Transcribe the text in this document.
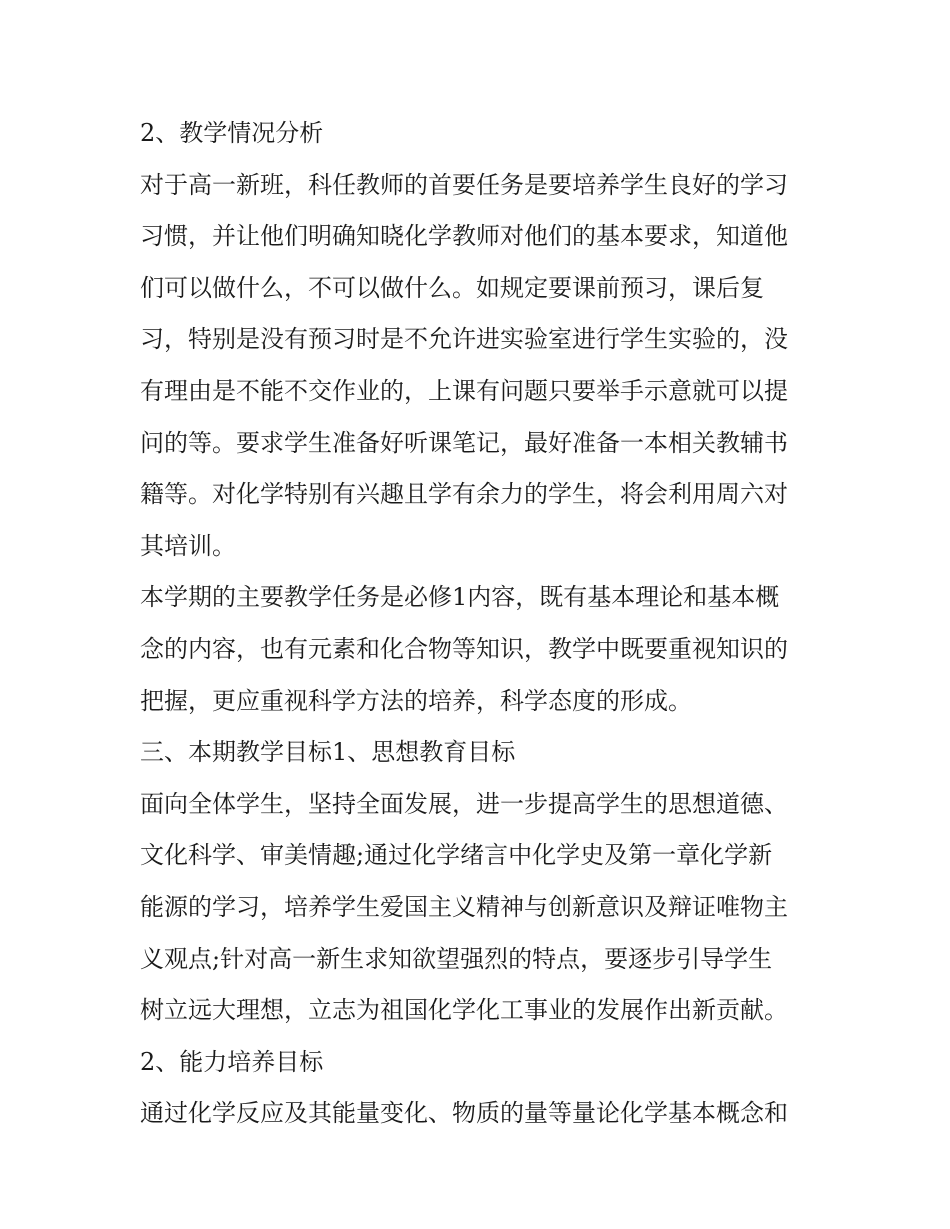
2、教学情况分析
对于高一新班，科任教师的首要任务是要培养学生良好的学习
习惯，并让他们明确知晓化学教师对他们的基本要求，知道他
们可以做什么，不可以做什么。如规定要课前预习，课后复
习，特别是没有预习时是不允许进实验室进行学生实验的，没
有理由是不能不交作业的，上课有问题只要举手示意就可以提
问的等。要求学生准备好听课笔记，最好准备一本相关教辅书
籍等。对化学特别有兴趣且学有余力的学生，将会利用周六对
其培训。
本学期的主要教学任务是必修1内容，既有基本理论和基本概
念的内容，也有元素和化合物等知识，教学中既要重视知识的
把握，更应重视科学方法的培养，科学态度的形成。
三、本期教学目标1、思想教育目标
面向全体学生，坚持全面发展，进一步提高学生的思想道德、
文化科学、审美情趣;通过化学绪言中化学史及第一章化学新
能源的学习，培养学生爱国主义精神与创新意识及辩证唯物主
义观点;针对高一新生求知欲望强烈的特点，要逐步引导学生
树立远大理想，立志为祖国化学化工事业的发展作出新贡献。
2、能力培养目标
通过化学反应及其能量变化、物质的量等量论化学基本概念和
